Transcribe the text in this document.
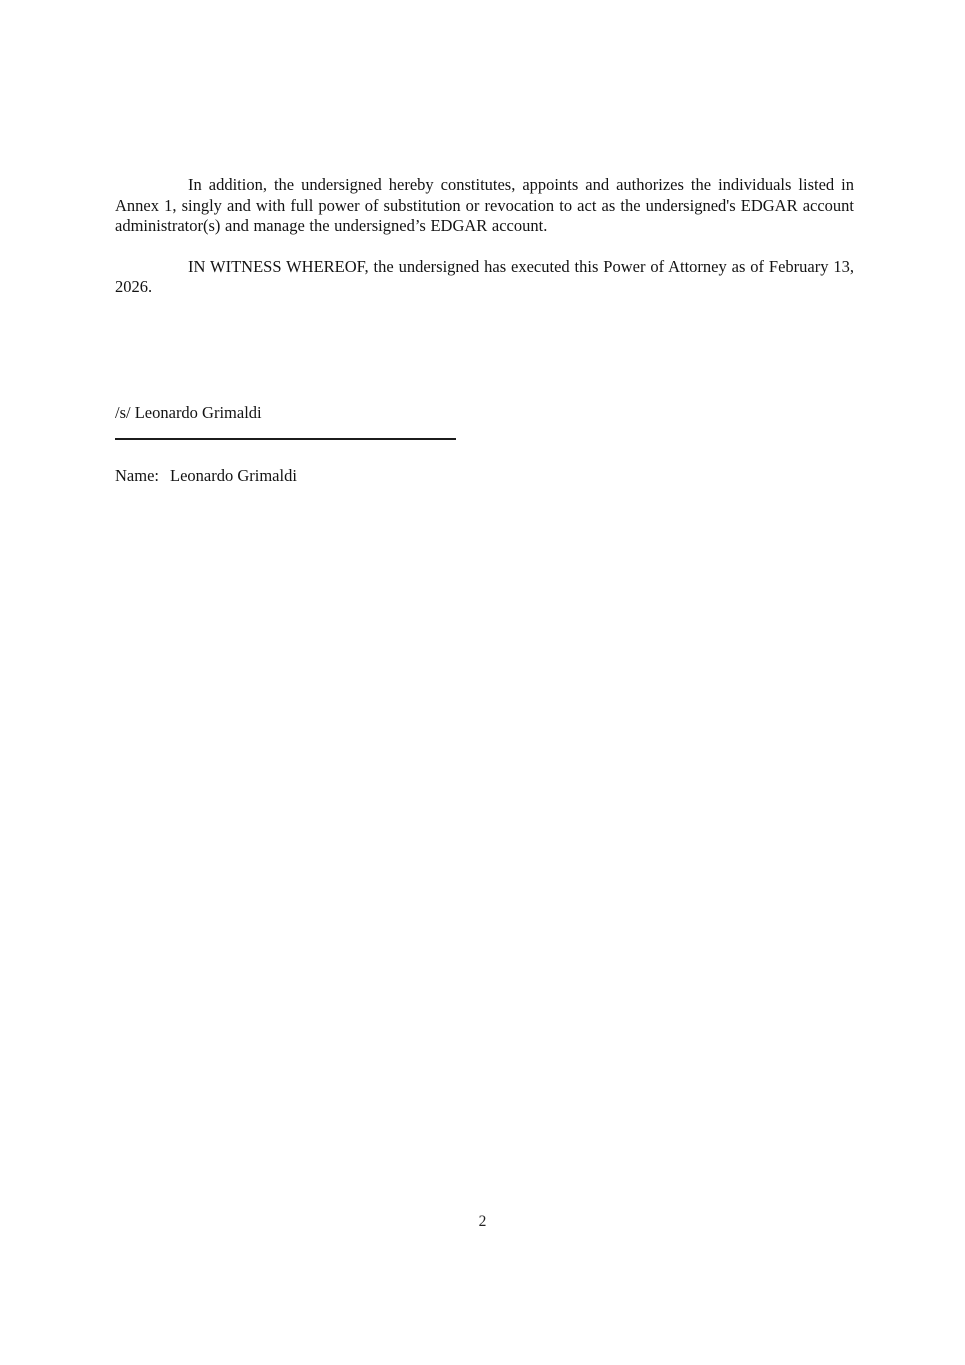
In addition, the undersigned hereby constitutes, appoints and authorizes the individuals listed in Annex 1, singly and with full power of substitution or revocation to act as the undersigned's EDGAR account administrator(s) and manage the undersigned’s EDGAR account.

IN WITNESS WHEREOF, the undersigned has executed this Power of Attorney as of February 13, 2026.

/s/ Leonardo Grimaldi
Name: Leonardo Grimaldi
2
